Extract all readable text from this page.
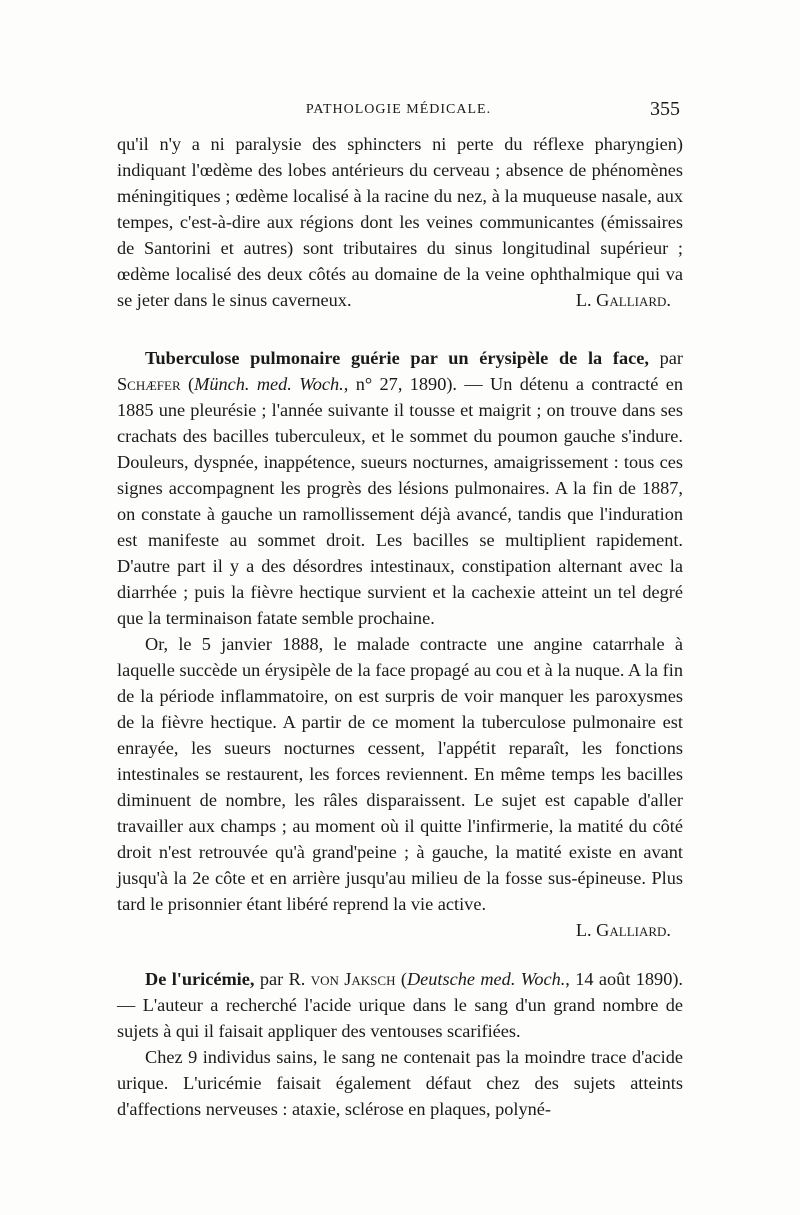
PATHOLOGIE MÉDICALE.	355

qu'il n'y a ni paralysie des sphincters ni perte du réflexe pharyngien) indiquant l'œdème des lobes antérieurs du cerveau ; absence de phénomènes méningitiques ; œdème localisé à la racine du nez, à la muqueuse nasale, aux tempes, c'est-à-dire aux régions dont les veines communicantes (émissaires de Santorini et autres) sont tributaires du sinus longitudinal supérieur ; œdème localisé des deux côtés au domaine de la veine ophthalmique qui va se jeter dans le sinus caverneux.	L. Galliard.

Tuberculose pulmonaire guérie par un érysipèle de la face, par Schæfer (Münch. med. Woch., n° 27, 1890). — Un détenu a contracté en 1885 une pleurésie ; l'année suivante il tousse et maigrit ; on trouve dans ses crachats des bacilles tuberculeux, et le sommet du poumon gauche s'indure. Douleurs, dyspnée, inappétence, sueurs nocturnes, amaigrissement : tous ces signes accompagnent les progrès des lésions pulmonaires. A la fin de 1887, on constate à gauche un ramollissement déjà avancé, tandis que l'induration est manifeste au sommet droit. Les bacilles se multiplient rapidement. D'autre part il y a des désordres intestinaux, constipation alternant avec la diarrhée ; puis la fièvre hectique survient et la cachexie atteint un tel degré que la terminaison fatate semble prochaine.

Or, le 5 janvier 1888, le malade contracte une angine catarrhale à laquelle succède un érysipèle de la face propagé au cou et à la nuque. A la fin de la période inflammatoire, on est surpris de voir manquer les paroxysmes de la fièvre hectique. A partir de ce moment la tuberculose pulmonaire est enrayée, les sueurs nocturnes cessent, l'appétit reparaît, les fonctions intestinales se restaurent, les forces reviennent. En même temps les bacilles diminuent de nombre, les râles disparaissent. Le sujet est capable d'aller travailler aux champs ; au moment où il quitte l'infirmerie, la matité du côté droit n'est retrouvée qu'à grand'peine ; à gauche, la matité existe en avant jusqu'à la 2e côte et en arrière jusqu'au milieu de la fosse sus-épineuse. Plus tard le prisonnier étant libéré reprend la vie active.

L. Galliard.

De l'uricémie, par R. von Jaksch (Deutsche med. Woch., 14 août 1890). — L'auteur a recherché l'acide urique dans le sang d'un grand nombre de sujets à qui il faisait appliquer des ventouses scarifiées.

Chez 9 individus sains, le sang ne contenait pas la moindre trace d'acide urique. L'uricémie faisait également défaut chez des sujets atteints d'affections nerveuses : ataxie, sclérose en plaques, polyné-
